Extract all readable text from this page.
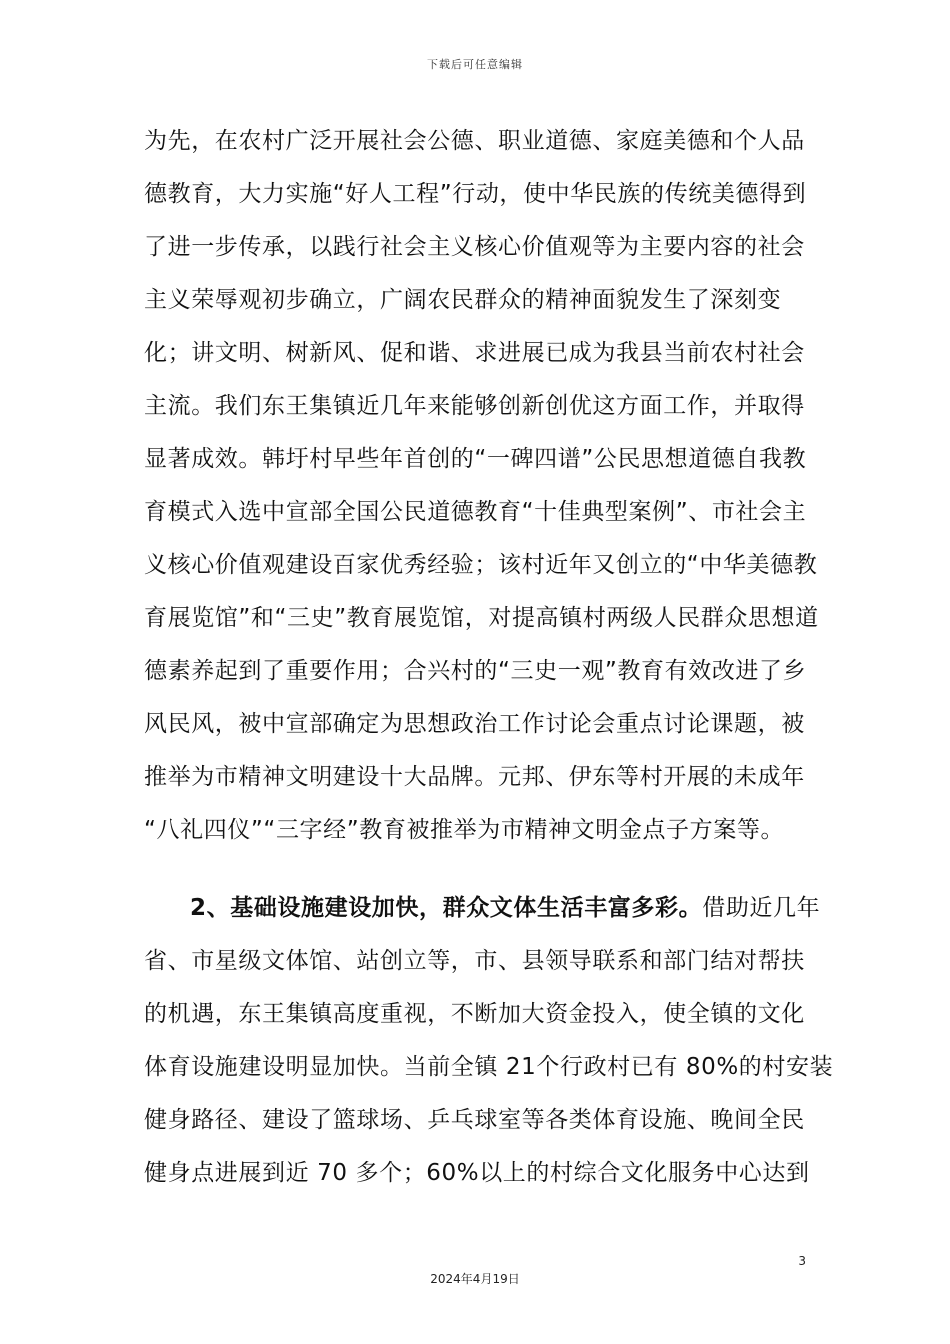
下载后可任意编辑
为先，在农村广泛开展社会公德、职业道德、家庭美德和个人品
德教育，大力实施“好人工程”行动，使中华民族的传统美德得到
了进一步传承，以践行社会主义核心价值观等为主要内容的社会
主义荣辱观初步确立，广阔农民群众的精神面貌发生了深刻变
化；讲文明、树新风、促和谐、求进展已成为我县当前农村社会
主流。我们东王集镇近几年来能够创新创优这方面工作，并取得
显著成效。韩圩村早些年首创的“一碑四谱”公民思想道德自我教
育模式入选中宣部全国公民道德教育“十佳典型案例”、市社会主
义核心价值观建设百家优秀经验；该村近年又创立的“中华美德教
育展览馆”和“三史”教育展览馆，对提高镇村两级人民群众思想道
德素养起到了重要作用；合兴村的“三史一观”教育有效改进了乡
风民风，被中宣部确定为思想政治工作讨论会重点讨论课题，被
推举为市精神文明建设十大品牌。元邦、伊东等村开展的未成年
“八礼四仪”“三字经”教育被推举为市精神文明金点子方案等。
2、基础设施建设加快，群众文体生活丰富多彩。借助近几年
省、市星级文体馆、站创立等，市、县领导联系和部门结对帮扶
的机遇，东王集镇高度重视，不断加大资金投入，使全镇的文化
体育设施建设明显加快。当前全镇 21个行政村已有 80%的村安装
健身路径、建设了篮球场、乒乓球室等各类体育设施、晚间全民
健身点进展到近 70 多个；60%以上的村综合文化服务中心达到
3
2024年4月19日
